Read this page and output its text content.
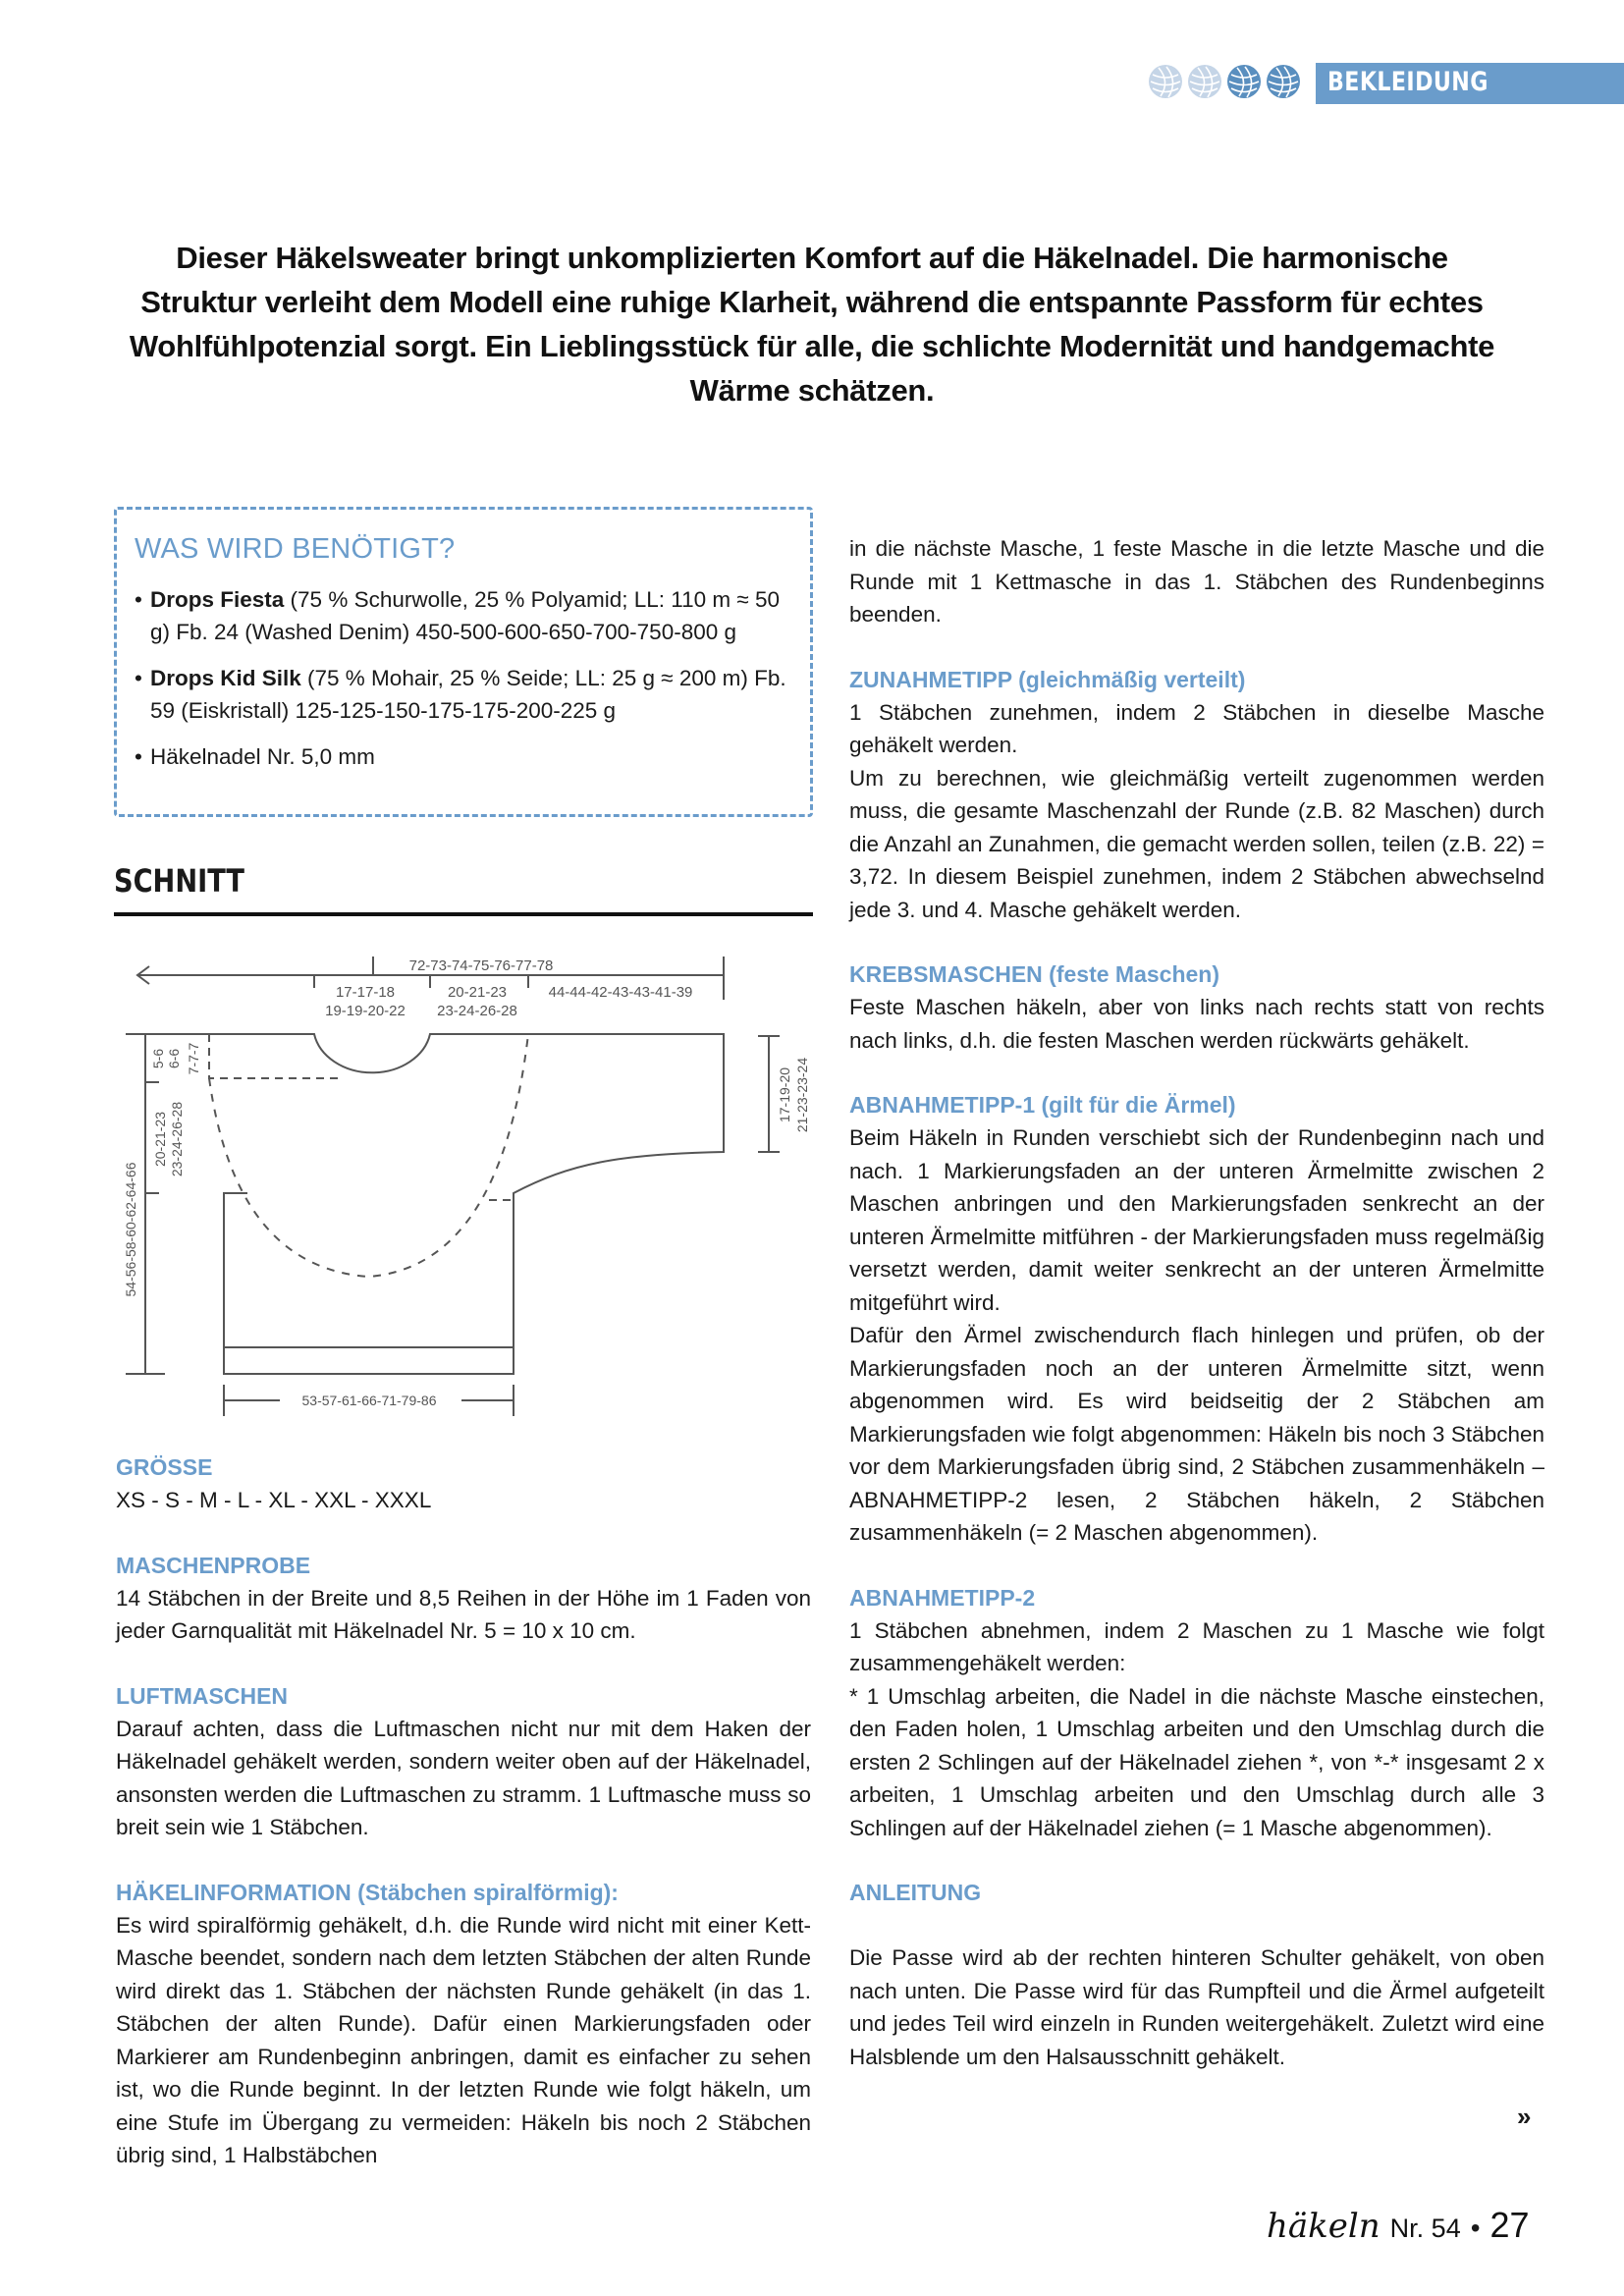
BEKLEIDUNG

Dieser Häkelsweater bringt unkomplizierten Komfort auf die Häkelnadel. Die harmonische Struktur verleiht dem Modell eine ruhige Klarheit, während die entspannte Passform für echtes Wohlfühlpotenzial sorgt. Ein Lieblingsstück für alle, die schlichte Modernität und handgemachte Wärme schätzen.

WAS WIRD BENÖTIGT?
• Drops Fiesta (75 % Schurwolle, 25 % Polyamid; LL: 110 m ≈ 50 g) Fb. 24 (Washed Denim) 450-500-600-650-700-750-800 g
• Drops Kid Silk (75 % Mohair, 25 % Seide; LL: 25 g ≈ 200 m) Fb. 59 (Eiskristall) 125-125-150-175-175-200-225 g
• Häkelnadel Nr. 5,0 mm
SCHNITT
72-73-74-75-76-77-78
17-17-18
19-19-20-22
20-21-23
23-24-26-28
44-44-42-43-43-41-39
5-6 6-6 7-7-7
20-21-23 23-24-26-28
54-56-58-60-62-64-66
17-19-20 21-23-23-24
53-57-61-66-71-79-86
GRÖSSE

XS - S - M - L - XL - XXL - XXXL

MASCHENPROBE

14 Stäbchen in der Breite und 8,5 Reihen in der Höhe im 1 Faden von jeder Garnqualität mit Häkelnadel Nr. 5 = 10 x 10 cm.

LUFTMASCHEN

Darauf achten, dass die Luftmaschen nicht nur mit dem Haken der Häkelnadel gehäkelt werden, sondern weiter oben auf der Häkelnadel, ansonsten werden die Luftmaschen zu stramm. 1 Luftmasche muss so breit sein wie 1 Stäbchen.

HÄKELINFORMATION (Stäbchen spiralförmig):

Es wird spiralförmig gehäkelt, d.h. die Runde wird nicht mit einer Kett-Masche beendet, sondern nach dem letzten Stäbchen der alten Runde wird direkt das 1. Stäbchen der nächsten Runde gehäkelt (in das 1. Stäbchen der alten Runde). Dafür einen Markierungsfaden oder Markierer am Rundenbeginn anbringen, damit es einfacher zu sehen ist, wo die Runde beginnt. In der letzten Runde wie folgt häkeln, um eine Stufe im Übergang zu vermeiden: Häkeln bis noch 2 Stäbchen übrig sind, 1 Halbstäbchen

in die nächste Masche, 1 feste Masche in die letzte Masche und die Runde mit 1 Kettmasche in das 1. Stäbchen des Rundenbeginns beenden.

ZUNAHMETIPP (gleichmäßig verteilt)

1 Stäbchen zunehmen, indem 2 Stäbchen in dieselbe Masche gehäkelt werden.

Um zu berechnen, wie gleichmäßig verteilt zugenommen werden muss, die gesamte Maschenzahl der Runde (z.B. 82 Maschen) durch die Anzahl an Zunahmen, die gemacht werden sollen, teilen (z.B. 22) = 3,72. In diesem Beispiel zunehmen, indem 2 Stäbchen abwechselnd jede 3. und 4. Masche gehäkelt werden.

KREBSMASCHEN (feste Maschen)

Feste Maschen häkeln, aber von links nach rechts statt von rechts nach links, d.h. die festen Maschen werden rückwärts gehäkelt.

ABNAHMETIPP-1 (gilt für die Ärmel)

Beim Häkeln in Runden verschiebt sich der Rundenbeginn nach und nach. 1 Markierungsfaden an der unteren Ärmelmitte zwischen 2 Maschen anbringen und den Markierungsfaden senkrecht an der unteren Ärmelmitte mitführen - der Markierungsfaden muss regelmäßig versetzt werden, damit weiter senkrecht an der unteren Ärmelmitte mitgeführt wird.

Dafür den Ärmel zwischendurch flach hinlegen und prüfen, ob der Markierungsfaden noch an der unteren Ärmelmitte sitzt, wenn abgenommen wird. Es wird beidseitig der 2 Stäbchen am Markierungsfaden wie folgt abgenommen: Häkeln bis noch 3 Stäbchen vor dem Markierungsfaden übrig sind, 2 Stäbchen zusammenhäkeln – ABNAHMETIPP-2 lesen, 2 Stäbchen häkeln, 2 Stäbchen zusammenhäkeln (= 2 Maschen abgenommen).

ABNAHMETIPP-2

1 Stäbchen abnehmen, indem 2 Maschen zu 1 Masche wie folgt zusammengehäkelt werden:

* 1 Umschlag arbeiten, die Nadel in die nächste Masche einstechen, den Faden holen, 1 Umschlag arbeiten und den Umschlag durch die ersten 2 Schlingen auf der Häkelnadel ziehen *, von *-* insgesamt 2 x arbeiten, 1 Umschlag arbeiten und den Umschlag durch alle 3 Schlingen auf der Häkelnadel ziehen (= 1 Masche abgenommen).

ANLEITUNG

Die Passe wird ab der rechten hinteren Schulter gehäkelt, von oben nach unten. Die Passe wird für das Rumpfteil und die Ärmel aufgeteilt und jedes Teil wird einzeln in Runden weitergehäkelt. Zuletzt wird eine Halsblende um den Halsausschnitt gehäkelt.

»
häkeln Nr. 54 • 27
